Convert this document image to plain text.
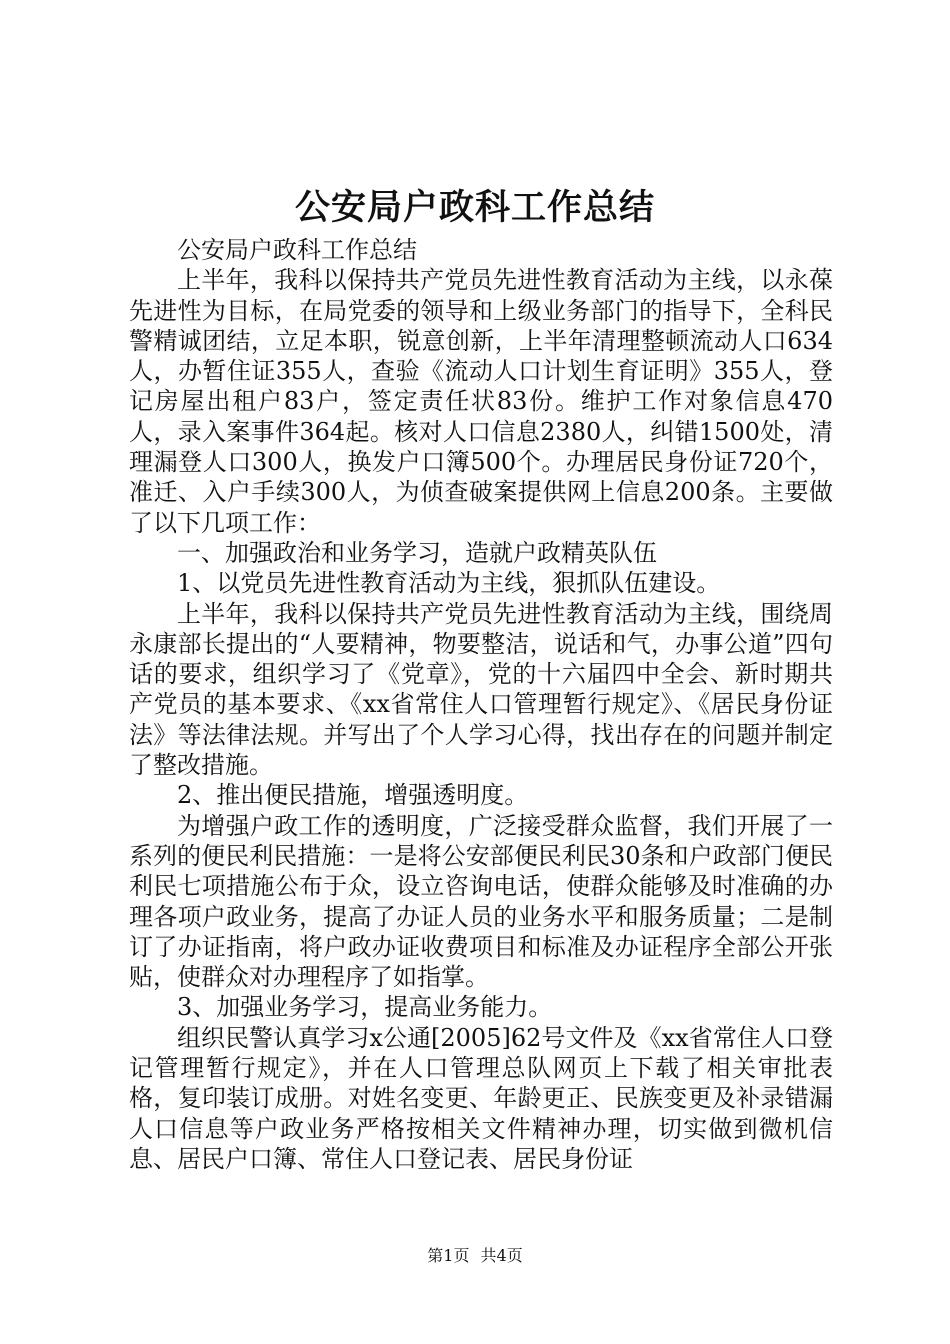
公安局户政科工作总结

公安局户政科工作总结

上半年，我科以保持共产党员先进性教育活动为主线，以永葆先进性为目标，在局党委的领导和上级业务部门的指导下，全科民警精诚团结，立足本职，锐意创新，上半年清理整顿流动人口634人，办暂住证355人，查验《流动人口计划生育证明》355人，登记房屋出租户83户，签定责任状83份。维护工作对象信息470人，录入案事件364起。核对人口信息2380人，纠错1500处，清理漏登人口300人，换发户口簿500个。办理居民身份证720个，准迁、入户手续300人，为侦查破案提供网上信息200条。主要做了以下几项工作：

一、加强政治和业务学习，造就户政精英队伍

1、以党员先进性教育活动为主线，狠抓队伍建设。

上半年，我科以保持共产党员先进性教育活动为主线，围绕周永康部长提出的“人要精神，物要整洁，说话和气，办事公道”四句话的要求，组织学习了《党章》，党的十六届四中全会、新时期共产党员的基本要求、《xx省常住人口管理暂行规定》、《居民身份证法》等法律法规。并写出了个人学习心得，找出存在的问题并制定了整改措施。

2、推出便民措施，增强透明度。

为增强户政工作的透明度，广泛接受群众监督，我们开展了一系列的便民利民措施：一是将公安部便民利民30条和户政部门便民利民七项措施公布于众，设立咨询电话，使群众能够及时准确的办理各项户政业务，提高了办证人员的业务水平和服务质量；二是制订了办证指南，将户政办证收费项目和标准及办证程序全部公开张贴，使群众对办理程序了如指掌。

3、加强业务学习，提高业务能力。

组织民警认真学习x公通[2005]62号文件及《xx省常住人口登记管理暂行规定》，并在人口管理总队网页上下载了相关审批表格，复印装订成册。对姓名变更、年龄更正、民族变更及补录错漏人口信息等户政业务严格按相关文件精神办理，切实做到微机信息、居民户口簿、常住人口登记表、居民身份证

第1页 共4页
